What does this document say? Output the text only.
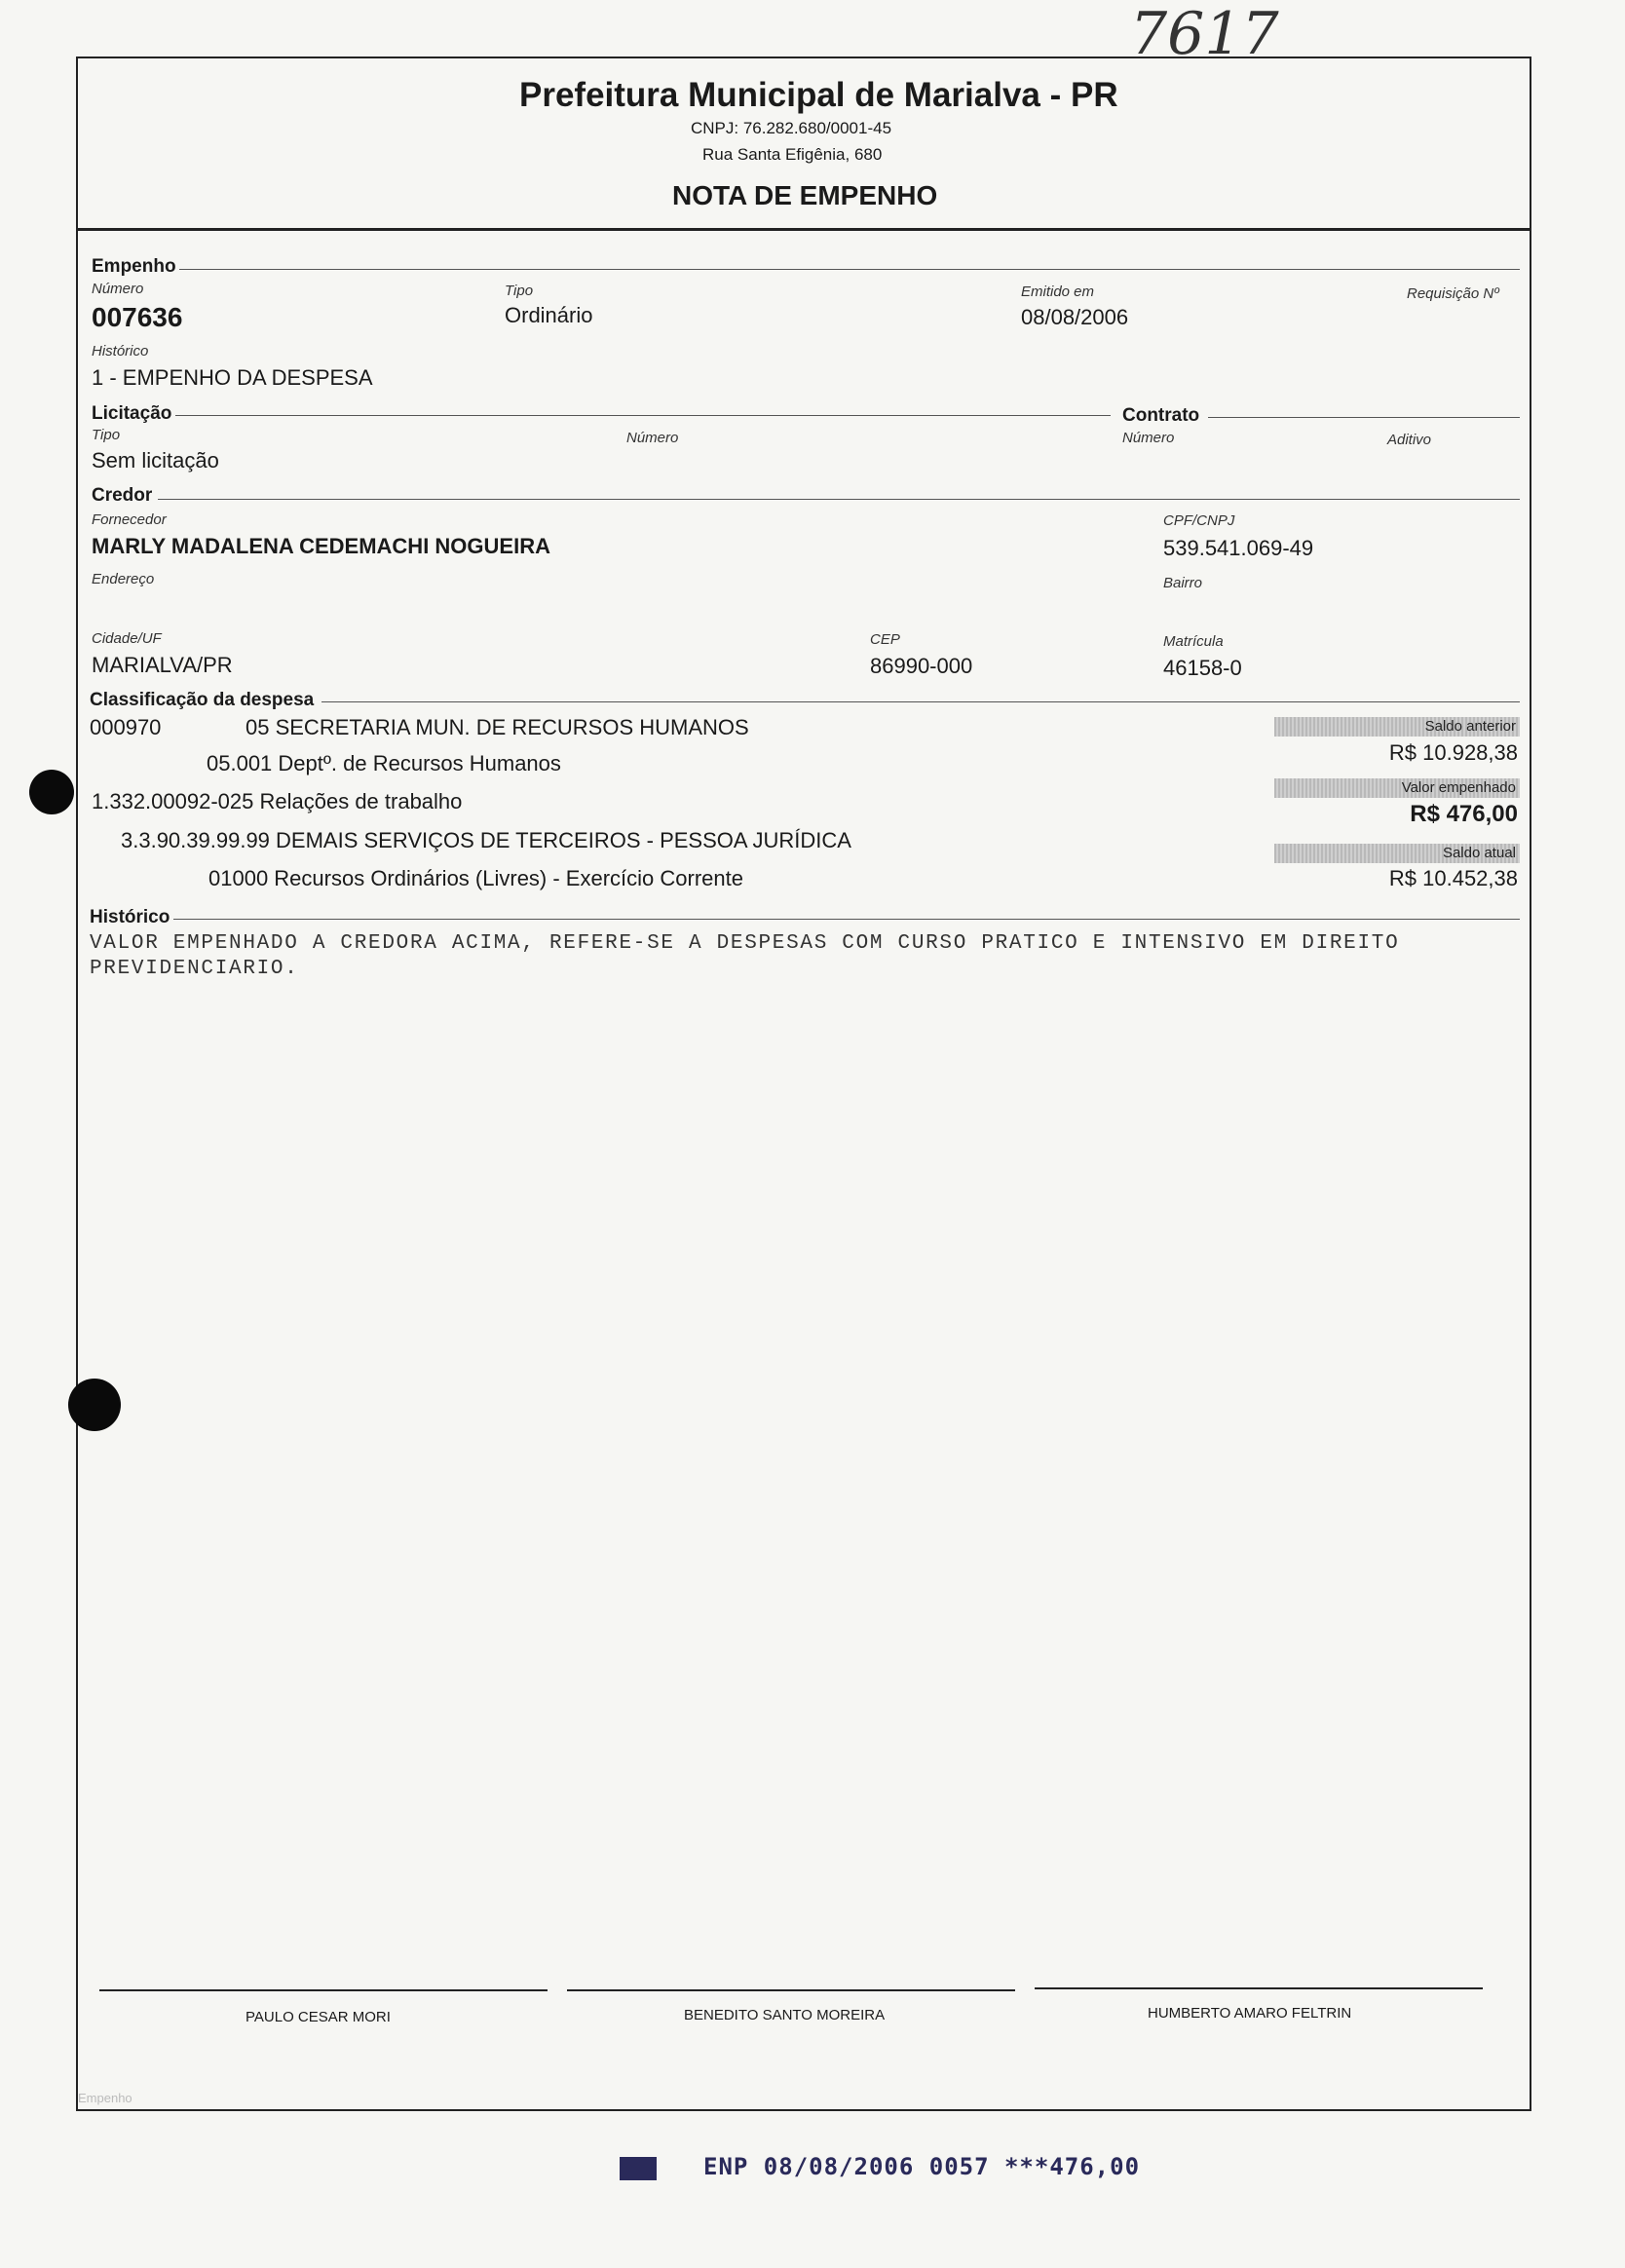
7617
Prefeitura Municipal de Marialva - PR
CNPJ: 76.282.680/0001-45
Rua Santa Efigênia, 680
NOTA DE EMPENHO
Empenho
Número
007636
Tipo
Ordinário
Emitido em
08/08/2006
Requisição Nº
Histórico
1 - EMPENHO DA DESPESA
Licitação
Tipo
Sem licitação
Número
Contrato
Número	Aditivo
Credor
Fornecedor
MARLY MADALENA CEDEMACHI NOGUEIRA
CPF/CNPJ
539.541.069-49
Endereço	Bairro
Cidade/UF
MARIALVA/PR
CEP
86990-000
Matrícula
46158-0
Classificação da despesa
000970	05 SECRETARIA MUN. DE RECURSOS HUMANOS
05.001 Deptº. de Recursos Humanos
1.332.00092-025 Relações de trabalho
3.3.90.39.99.99 DEMAIS SERVIÇOS DE TERCEIROS - PESSOA JURÍDICA
01000 Recursos Ordinários (Livres) - Exercício Corrente
Saldo anterior
R$ 10.928,38
Valor empenhado
R$ 476,00
Saldo atual
R$ 10.452,38
Histórico
VALOR EMPENHADO A CREDORA ACIMA, REFERE-SE A DESPESAS COM CURSO PRATICO E INTENSIVO EM DIREITO
PREVIDENCIARIO.
PAULO CESAR MORI	BENEDITO SANTO MOREIRA	HUMBERTO AMARO FELTRIN
Empenho
ENP 08/08/2006 0057 ***476,00
